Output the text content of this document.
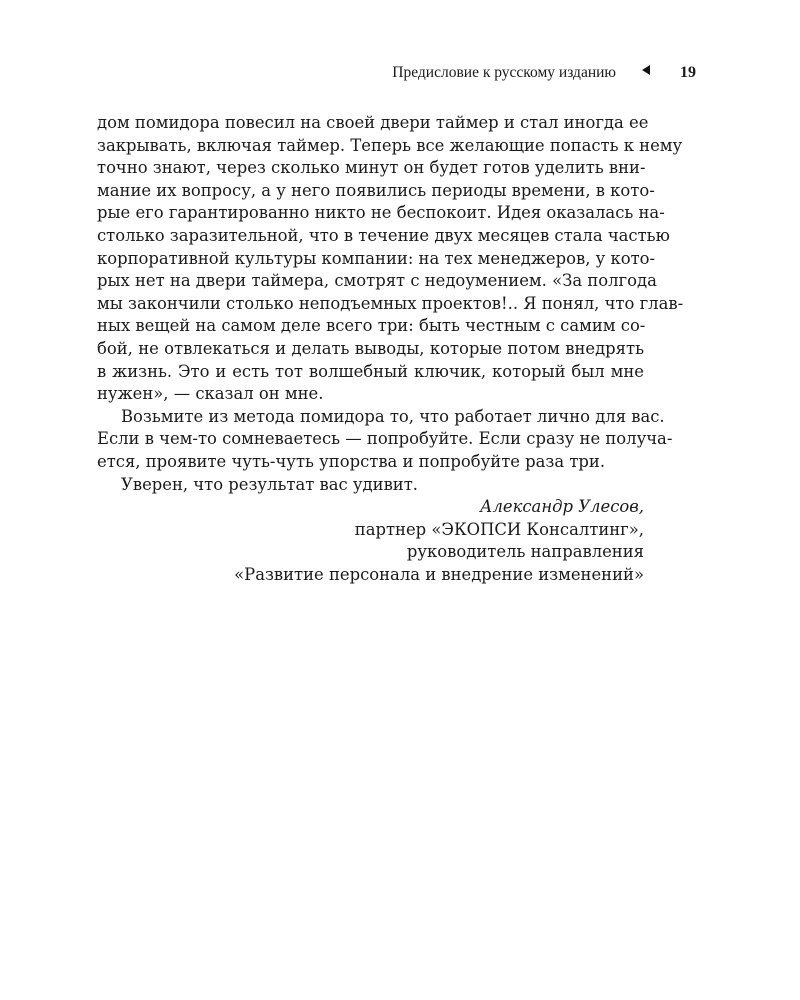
Предисловие к русскому изданию	19
дом помидора повесил на своей двери таймер и стал иногда ее
закрывать, включая таймер. Теперь все желающие попасть к нему
точно знают, через сколько минут он будет готов уделить вни-
мание их вопросу, а у него появились периоды времени, в кото-
рые его гарантированно никто не беспокоит. Идея оказалась на-
столько заразительной, что в течение двух месяцев стала частью
корпоративной культуры компании: на тех менеджеров, у кото-
рых нет на двери таймера, смотрят с недоумением. «За полгода
мы закончили столько неподъемных проектов!.. Я понял, что глав-
ных вещей на самом деле всего три: быть честным с самим со-
бой, не отвлекаться и делать выводы, которые потом внедрять
в жизнь. Это и есть тот волшебный ключик, который был мне
нужен», — сказал он мне.
Возьмите из метода помидора то, что работает лично для вас.
Если в чем-то сомневаетесь — попробуйте. Если сразу не получа-
ется, проявите чуть-чуть упорства и попробуйте раза три.
Уверен, что результат вас удивит.
Александр Улесов,
партнер «ЭКОПСИ Консалтинг»,
руководитель направления
«Развитие персонала и внедрение изменений»
